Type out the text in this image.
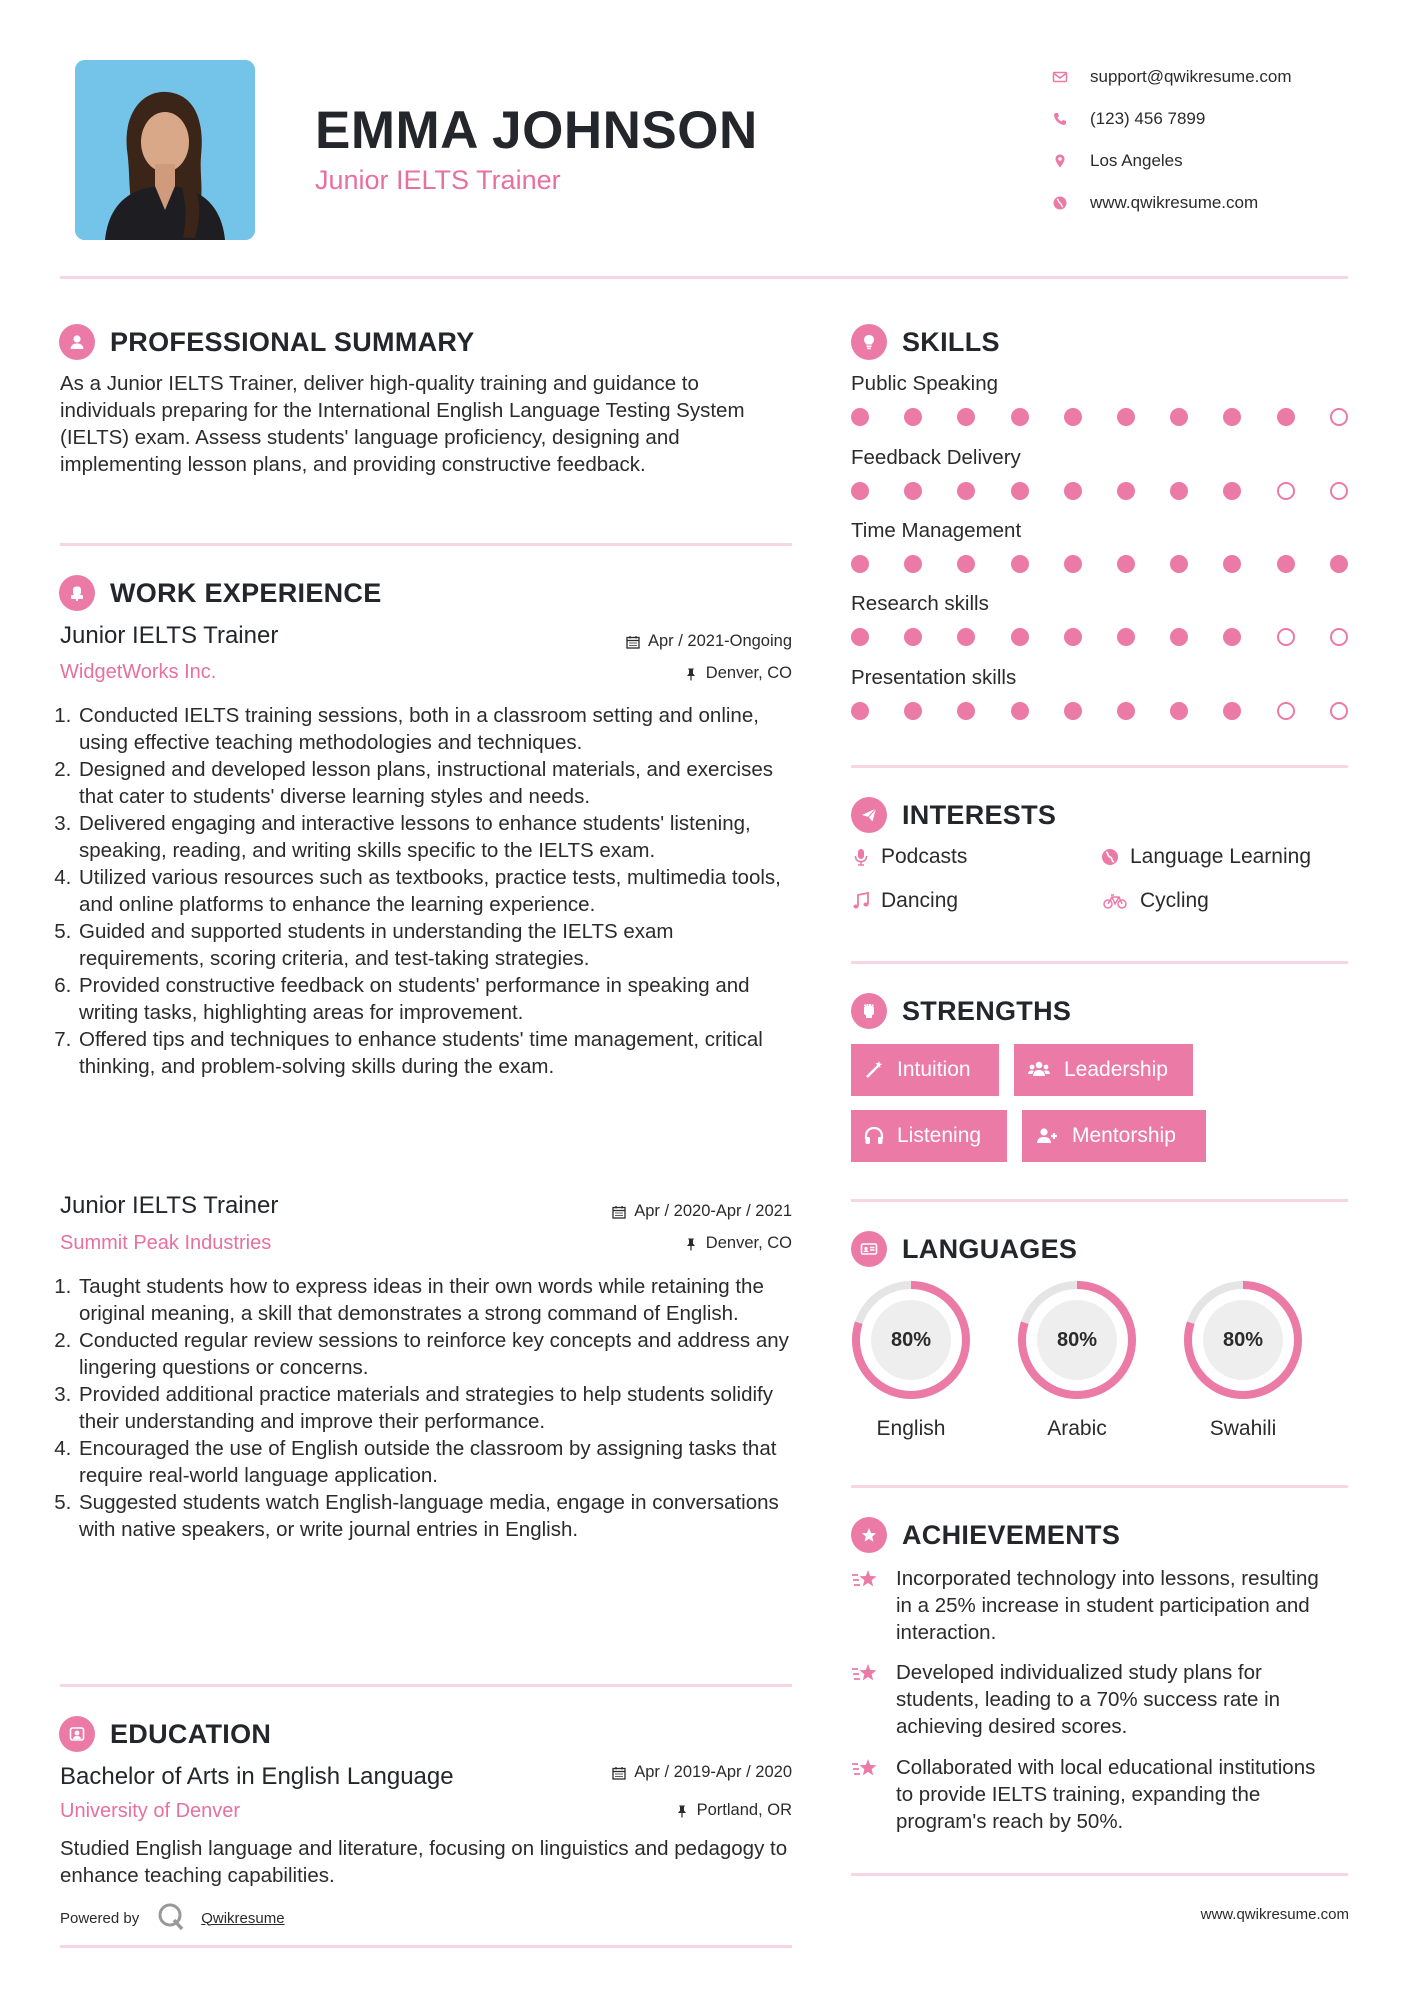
EMMA JOHNSON
Junior IELTS Trainer
support@qwikresume.com
(123) 456 7899
Los Angeles
www.qwikresume.com
PROFESSIONAL SUMMARY
As a Junior IELTS Trainer, deliver high-quality training and guidance to individuals preparing for the International English Language Testing System (IELTS) exam. Assess students' language proficiency, designing and implementing lesson plans, and providing constructive feedback.
WORK EXPERIENCE
Junior IELTS Trainer	Apr / 2021-Ongoing
WidgetWorks Inc.	Denver, CO
1. Conducted IELTS training sessions, both in a classroom setting and online, using effective teaching methodologies and techniques.
2. Designed and developed lesson plans, instructional materials, and exercises that cater to students' diverse learning styles and needs.
3. Delivered engaging and interactive lessons to enhance students' listening, speaking, reading, and writing skills specific to the IELTS exam.
4. Utilized various resources such as textbooks, practice tests, multimedia tools, and online platforms to enhance the learning experience.
5. Guided and supported students in understanding the IELTS exam requirements, scoring criteria, and test-taking strategies.
6. Provided constructive feedback on students' performance in speaking and writing tasks, highlighting areas for improvement.
7. Offered tips and techniques to enhance students' time management, critical thinking, and problem-solving skills during the exam.
Junior IELTS Trainer	Apr / 2020-Apr / 2021
Summit Peak Industries	Denver, CO
1. Taught students how to express ideas in their own words while retaining the original meaning, a skill that demonstrates a strong command of English.
2. Conducted regular review sessions to reinforce key concepts and address any lingering questions or concerns.
3. Provided additional practice materials and strategies to help students solidify their understanding and improve their performance.
4. Encouraged the use of English outside the classroom by assigning tasks that require real-world language application.
5. Suggested students watch English-language media, engage in conversations with native speakers, or write journal entries in English.
EDUCATION
Bachelor of Arts in English Language	Apr / 2019-Apr / 2020
University of Denver	Portland, OR
Studied English language and literature, focusing on linguistics and pedagogy to enhance teaching capabilities.
Powered by	Qwikresume
SKILLS
Public Speaking
Feedback Delivery
Time Management
Research skills
Presentation skills
INTERESTS
Podcasts	Language Learning
Dancing	Cycling
STRENGTHS
Intuition	Leadership
Listening	Mentorship
LANGUAGES
80%
English
80%
Arabic
80%
Swahili
ACHIEVEMENTS
Incorporated technology into lessons, resulting in a 25% increase in student participation and interaction.
Developed individualized study plans for students, leading to a 70% success rate in achieving desired scores.
Collaborated with local educational institutions to provide IELTS training, expanding the program's reach by 50%.
www.qwikresume.com
